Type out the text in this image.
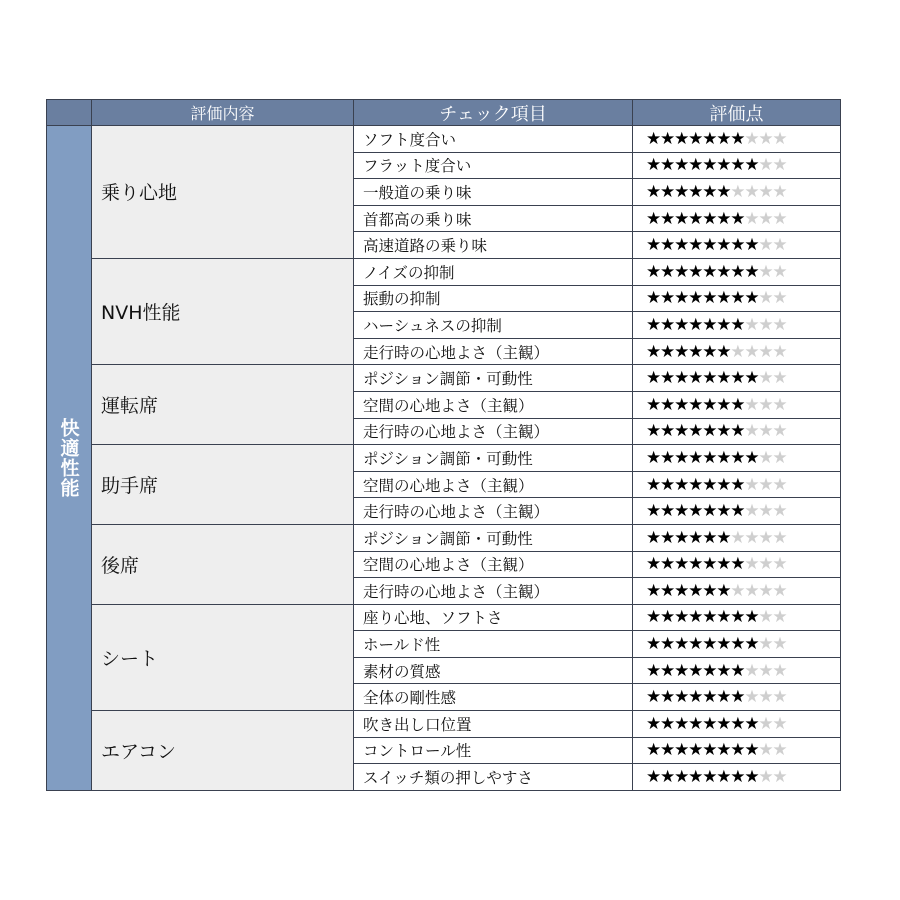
評価内容	チェック項目	評価点
快適性能
乗り心地
ソフト度合い	★ ★ ★ ★ ★ ★ ★ ★ ★ ★
フラット度合い	★ ★ ★ ★ ★ ★ ★ ★ ★ ★
一般道の乗り味	★ ★ ★ ★ ★ ★ ★ ★ ★ ★
首都高の乗り味	★ ★ ★ ★ ★ ★ ★ ★ ★ ★
高速道路の乗り味	★ ★ ★ ★ ★ ★ ★ ★ ★ ★
NVH性能
ノイズの抑制	★ ★ ★ ★ ★ ★ ★ ★ ★ ★
振動の抑制	★ ★ ★ ★ ★ ★ ★ ★ ★ ★
ハーシュネスの抑制	★ ★ ★ ★ ★ ★ ★ ★ ★ ★
走行時の心地よさ（主観）	★ ★ ★ ★ ★ ★ ★ ★ ★ ★
運転席
ポジション調節・可動性	★ ★ ★ ★ ★ ★ ★ ★ ★ ★
空間の心地よさ（主観）	★ ★ ★ ★ ★ ★ ★ ★ ★ ★
走行時の心地よさ（主観）	★ ★ ★ ★ ★ ★ ★ ★ ★ ★
助手席
ポジション調節・可動性	★ ★ ★ ★ ★ ★ ★ ★ ★ ★
空間の心地よさ（主観）	★ ★ ★ ★ ★ ★ ★ ★ ★ ★
走行時の心地よさ（主観）	★ ★ ★ ★ ★ ★ ★ ★ ★ ★
後席
ポジション調節・可動性	★ ★ ★ ★ ★ ★ ★ ★ ★ ★
空間の心地よさ（主観）	★ ★ ★ ★ ★ ★ ★ ★ ★ ★
走行時の心地よさ（主観）	★ ★ ★ ★ ★ ★ ★ ★ ★ ★
シート
座り心地、ソフトさ	★ ★ ★ ★ ★ ★ ★ ★ ★ ★
ホールド性	★ ★ ★ ★ ★ ★ ★ ★ ★ ★
素材の質感	★ ★ ★ ★ ★ ★ ★ ★ ★ ★
全体の剛性感	★ ★ ★ ★ ★ ★ ★ ★ ★ ★
エアコン
吹き出し口位置	★ ★ ★ ★ ★ ★ ★ ★ ★ ★
コントロール性	★ ★ ★ ★ ★ ★ ★ ★ ★ ★
スイッチ類の押しやすさ	★ ★ ★ ★ ★ ★ ★ ★ ★ ★
